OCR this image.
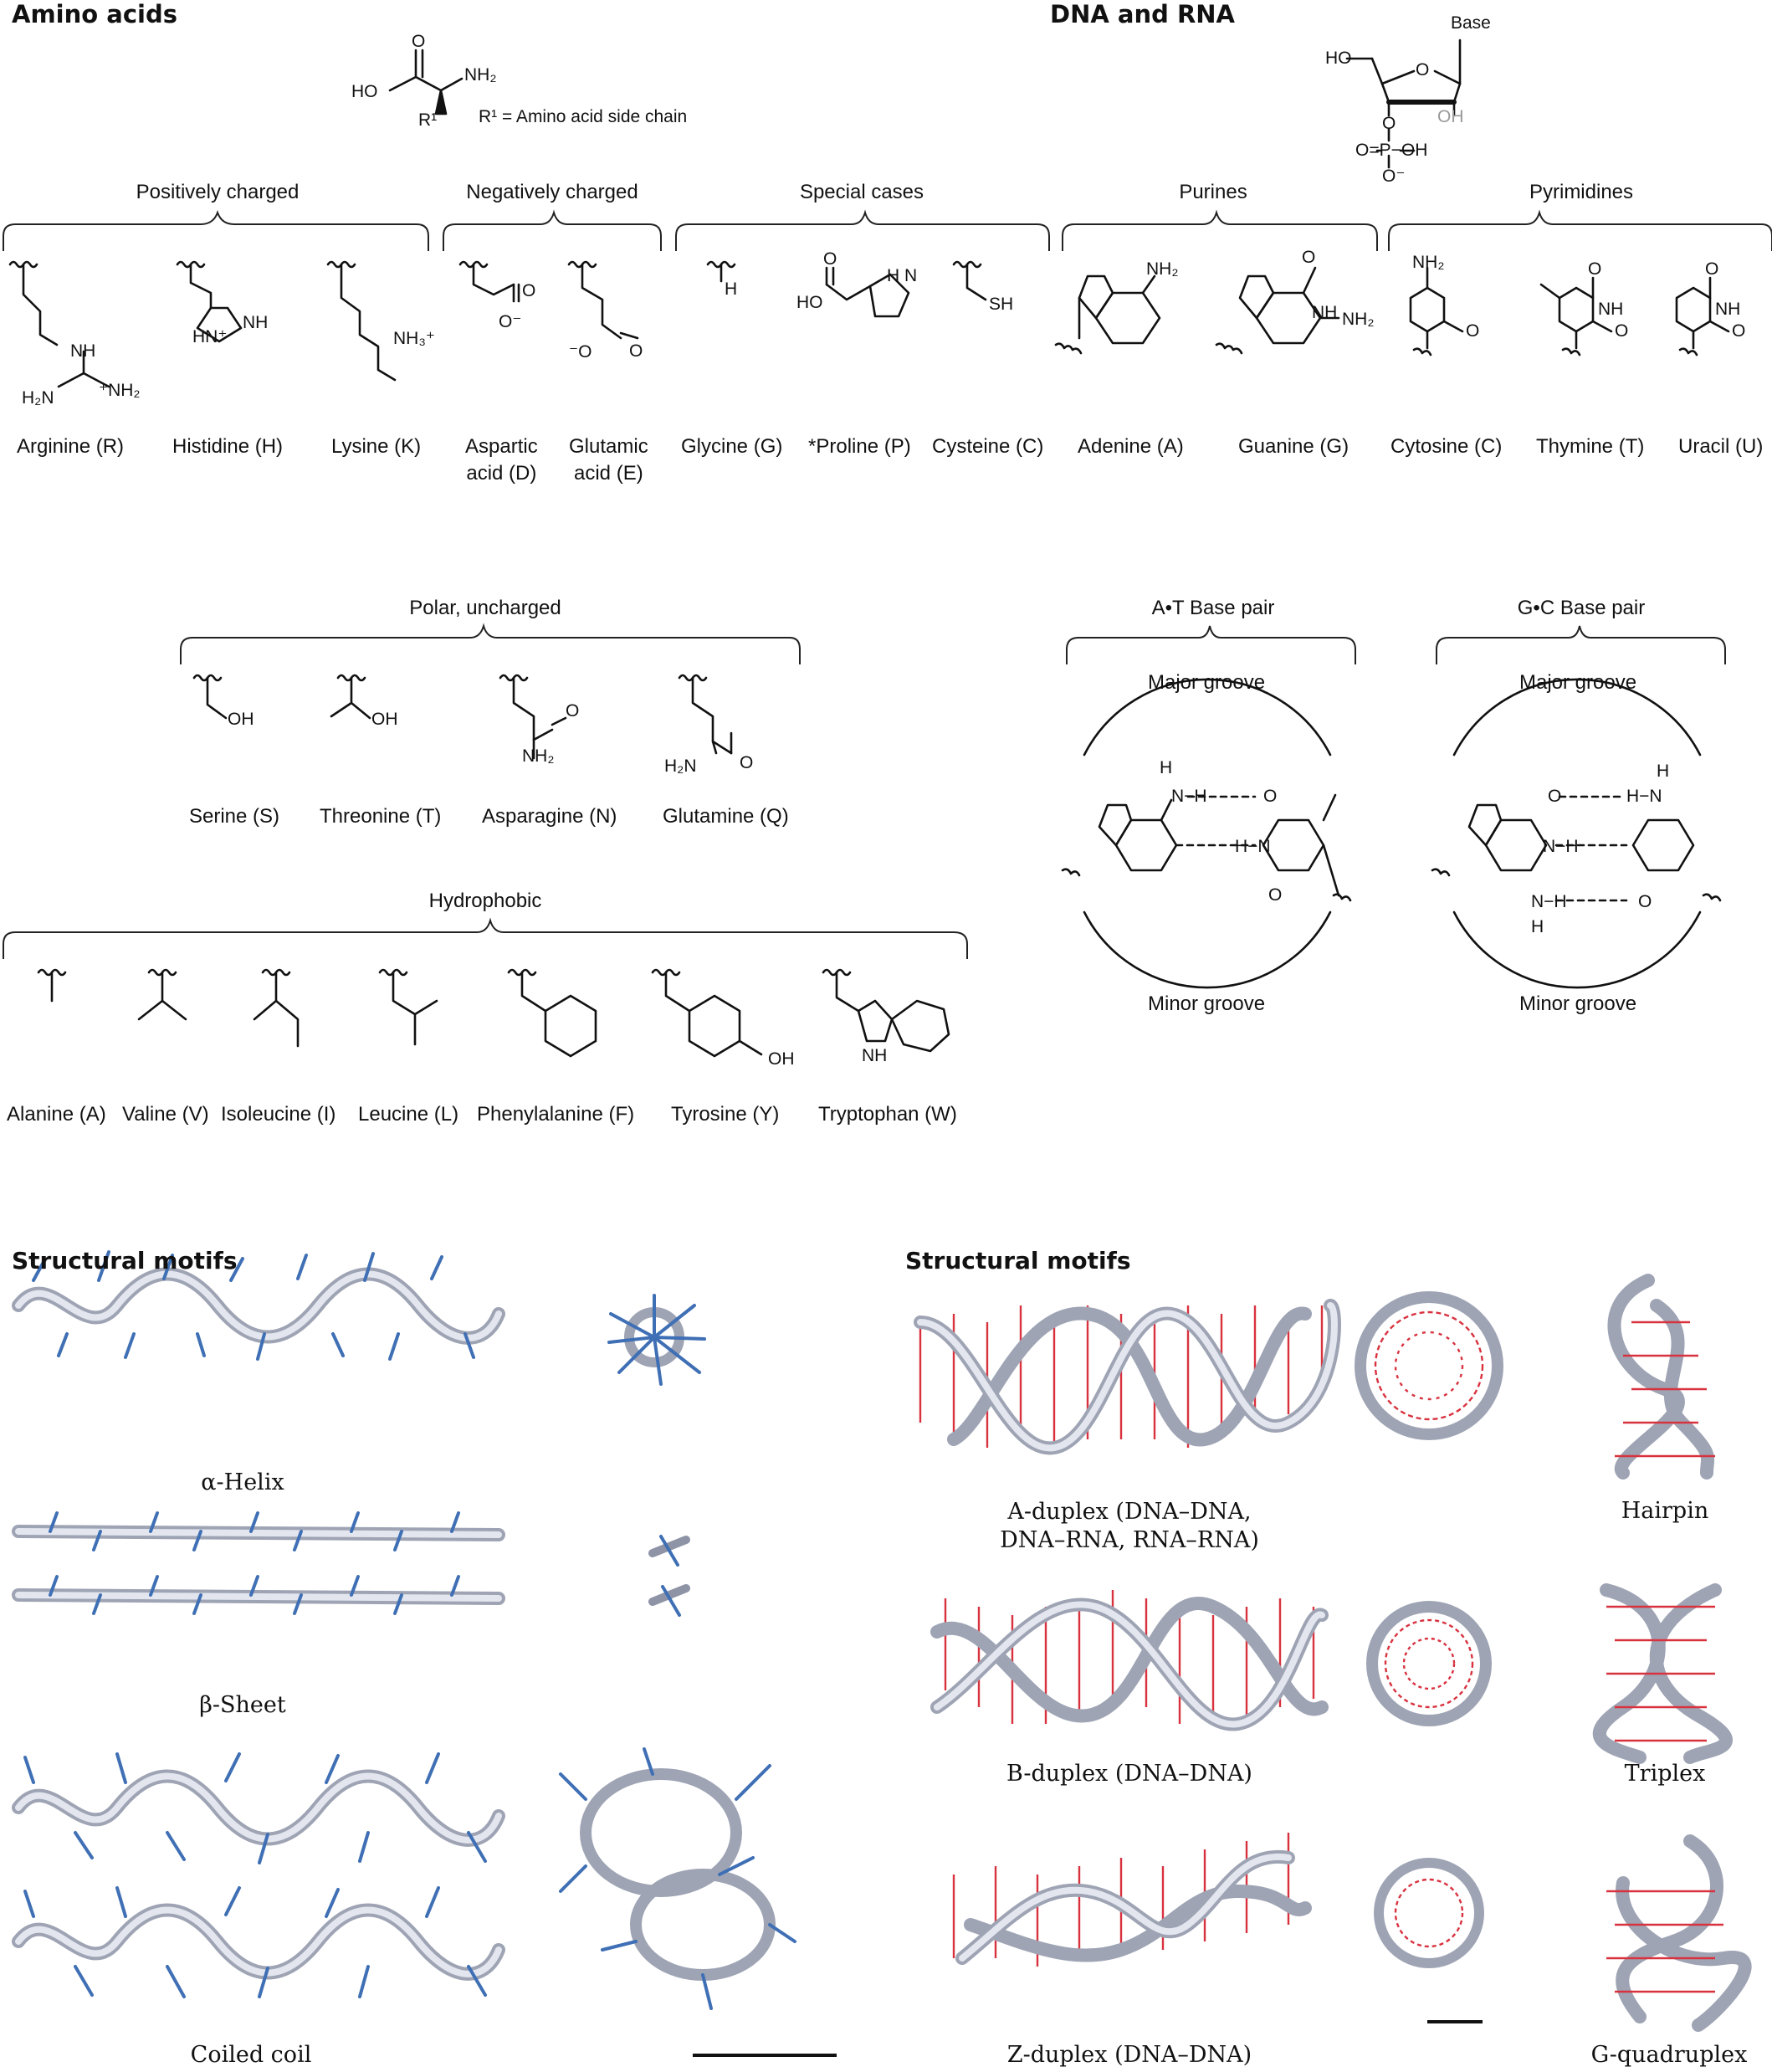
Amino acids	DNA and RNA
HO
O
NH₂
R¹ R¹ = Amino acid side chain
HO
O
Base
OH
O
O=P−OH
O⁻
Positively charged	Negatively charged	Special cases	Purines	Pyrimidines
Polar, uncharged	A•T Base pair	G•C Base pair
Hydrophobic
NH
H₂N	⁺NH₂
HN⁺
NH
NH₃⁺
O
O⁻
⁻O O
H
HO
O
H N
SH
NH₂
O
NH NH₂
NH₂
O
O
NH
O
O
NH
O
Arginine (R) Histidine (H) Lysine (K) Aspartic
acid (D)
Glutamic
acid (E)
Glycine (G) *Proline (P) Cysteine (C) Adenine (A)	Guanine (G) Cytosine (C) Thymine (T) Uracil (U)
OH	OH	O
NH₂
H₂N O
Serine (S) Threonine (T) Asparagine (N) Glutamine (Q)
Major groove
Minor groove
Major groove
Minor groove
H
N−H	O
H−N
O
O	H−N
H
N−H
N−H
H
O
OH	NH
Alanine (A) Valine (V) Isoleucine (I) Leucine (L) Phenylalanine (F) Tyrosine (Y) Tryptophan (W)
Structural motifs	Structural motifs
α-Helix
β-Sheet
Coiled coil
A-duplex (DNA–DNA,
DNA–RNA, RNA–RNA)
B-duplex (DNA–DNA)
Z-duplex (DNA–DNA)
Hairpin
Triplex
G-quadruplex
